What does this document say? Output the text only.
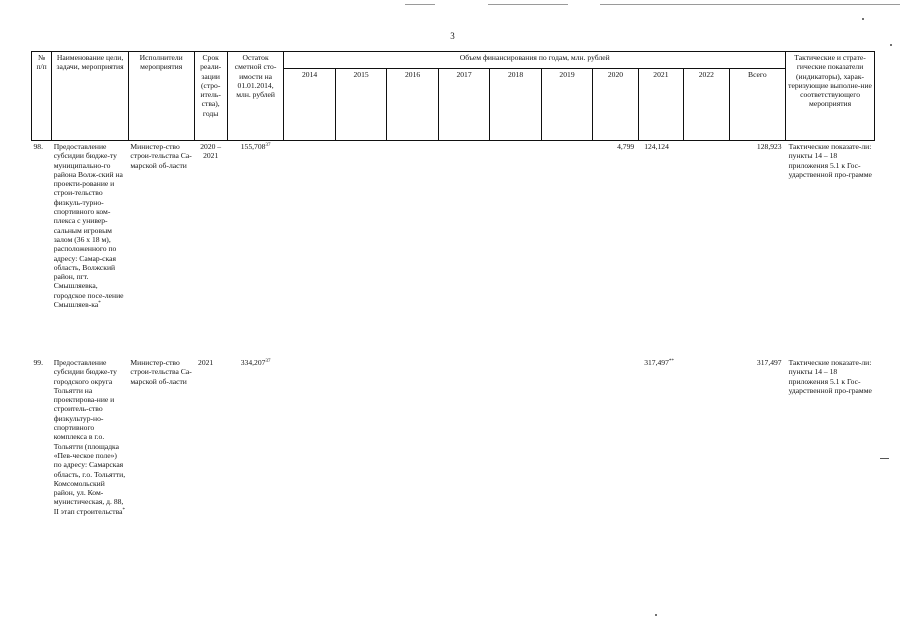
3
№ п/п	Наименование цели, задачи, мероприятия	Исполнители мероприятия	Срок реали-зации (стро-итель-ства), годы	Остаток сметной сто-имости на 01.01.2014, млн. рублей	Объем финансирования по годам, млн. рублей										Тактические и страте-гические показатели (индикаторы), харак-теризующие выполне-ние соответствующего мероприятия
					2014	2015	2016	2017	2018	2019	2020	2021	2022	Всего	
98.	Предоставление субсидии бюдже-ту муниципально-го района Волж-ский на проекти-рование и строи-тельство физкуль-турно-спортивного ком-плекса с универ-сальным игровым залом (36 х 18 м), расположенного по адресу: Самар-ская область, Волжский район, пгт. Смышляевка, городское посе-ление Смышляев-ка*	Министер-ство строи-тельства Са-марской об-ласти	2020 – 2021	155,708$^{37}$							4,799	124,124		128,923	Тактические показате-ли: пункты 14 – 18 приложения 5.1 к Гос-ударственной про-грамме
99.	Предоставление субсидии бюдже-ту городского округа Тольятти на проектирова-ние и строитель-ство физкультур-но-спортивного комплекса в г.о. Тольятти (площадка «Пев-ческое поле») по адресу: Самарская область, г.о. Тольятти, Комсомольский район, ул. Ком-мунистическая, д. 88, II этап строительства*	Министер-ство строи-тельства Са-марской об-ласти	2021	334,207$^{37}$								317,497**		317,497	Тактические показате-ли: пункты 14 – 18 приложения 5.1 к Гос-ударственной про-грамме
